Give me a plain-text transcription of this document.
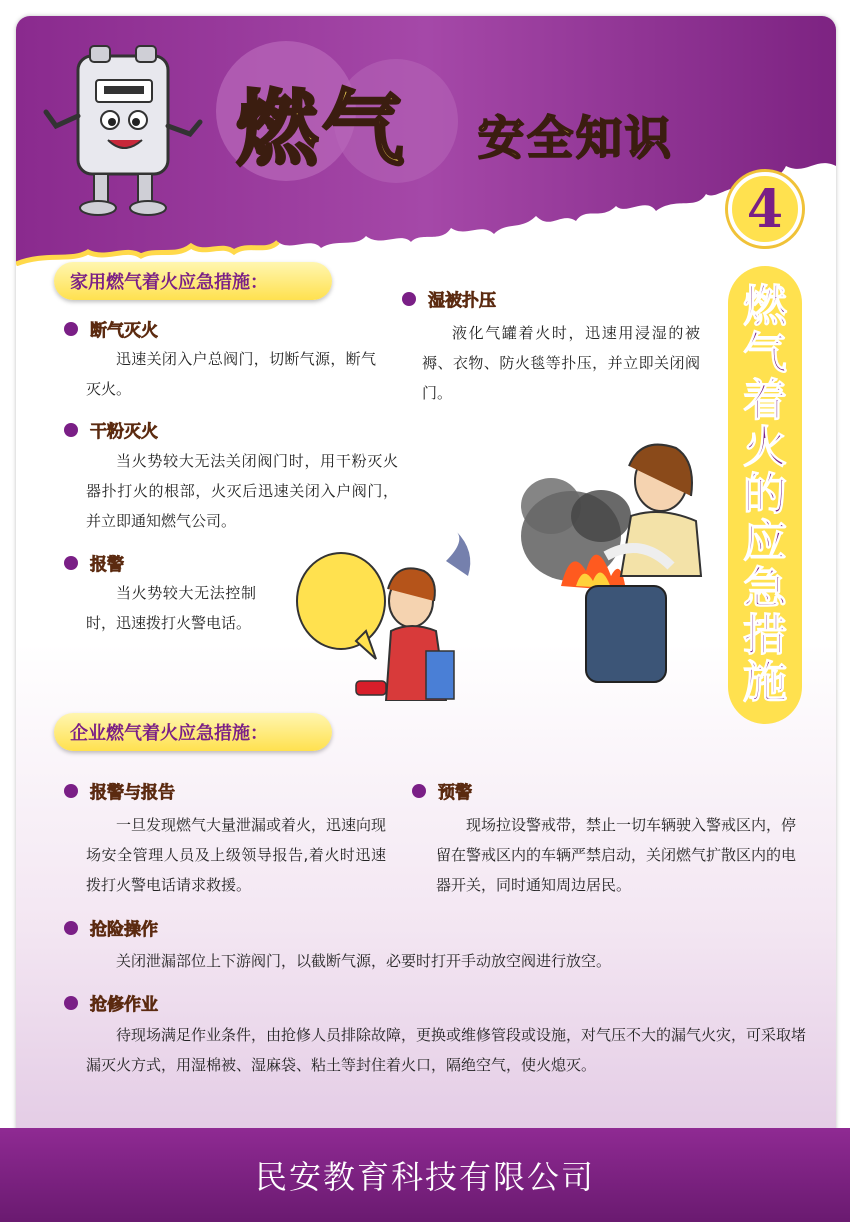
燃气 安全知识
4
燃
气
着
火
的
应
急
措
施
家用燃气着火应急措施：
断气灭火
迅速关闭入户总阀门，切断气源，断气灭火。
干粉灭火
当火势较大无法关闭阀门时，用干粉灭火器扑打火的根部，火灭后迅速关闭入户阀门，并立即通知燃气公司。
报警
当火势较大无法控制时，迅速拨打火警电话。
湿被扑压
液化气罐着火时，迅速用浸湿的被褥、衣物、防火毯等扑压，并立即关闭阀门。
企业燃气着火应急措施：
报警与报告
一旦发现燃气大量泄漏或着火，迅速向现场安全管理人员及上级领导报告,着火时迅速拨打火警电话请求救援。
预警
现场拉设警戒带，禁止一切车辆驶入警戒区内，停留在警戒区内的车辆严禁启动，关闭燃气扩散区内的电器开关，同时通知周边居民。
抢险操作
关闭泄漏部位上下游阀门，以截断气源，必要时打开手动放空阀进行放空。
抢修作业
待现场满足作业条件，由抢修人员排除故障，更换或维修管段或设施，对气压不大的漏气火灾，可采取堵漏灭火方式，用湿棉被、湿麻袋、粘土等封住着火口，隔绝空气，使火熄灭。
民安教育科技有限公司
